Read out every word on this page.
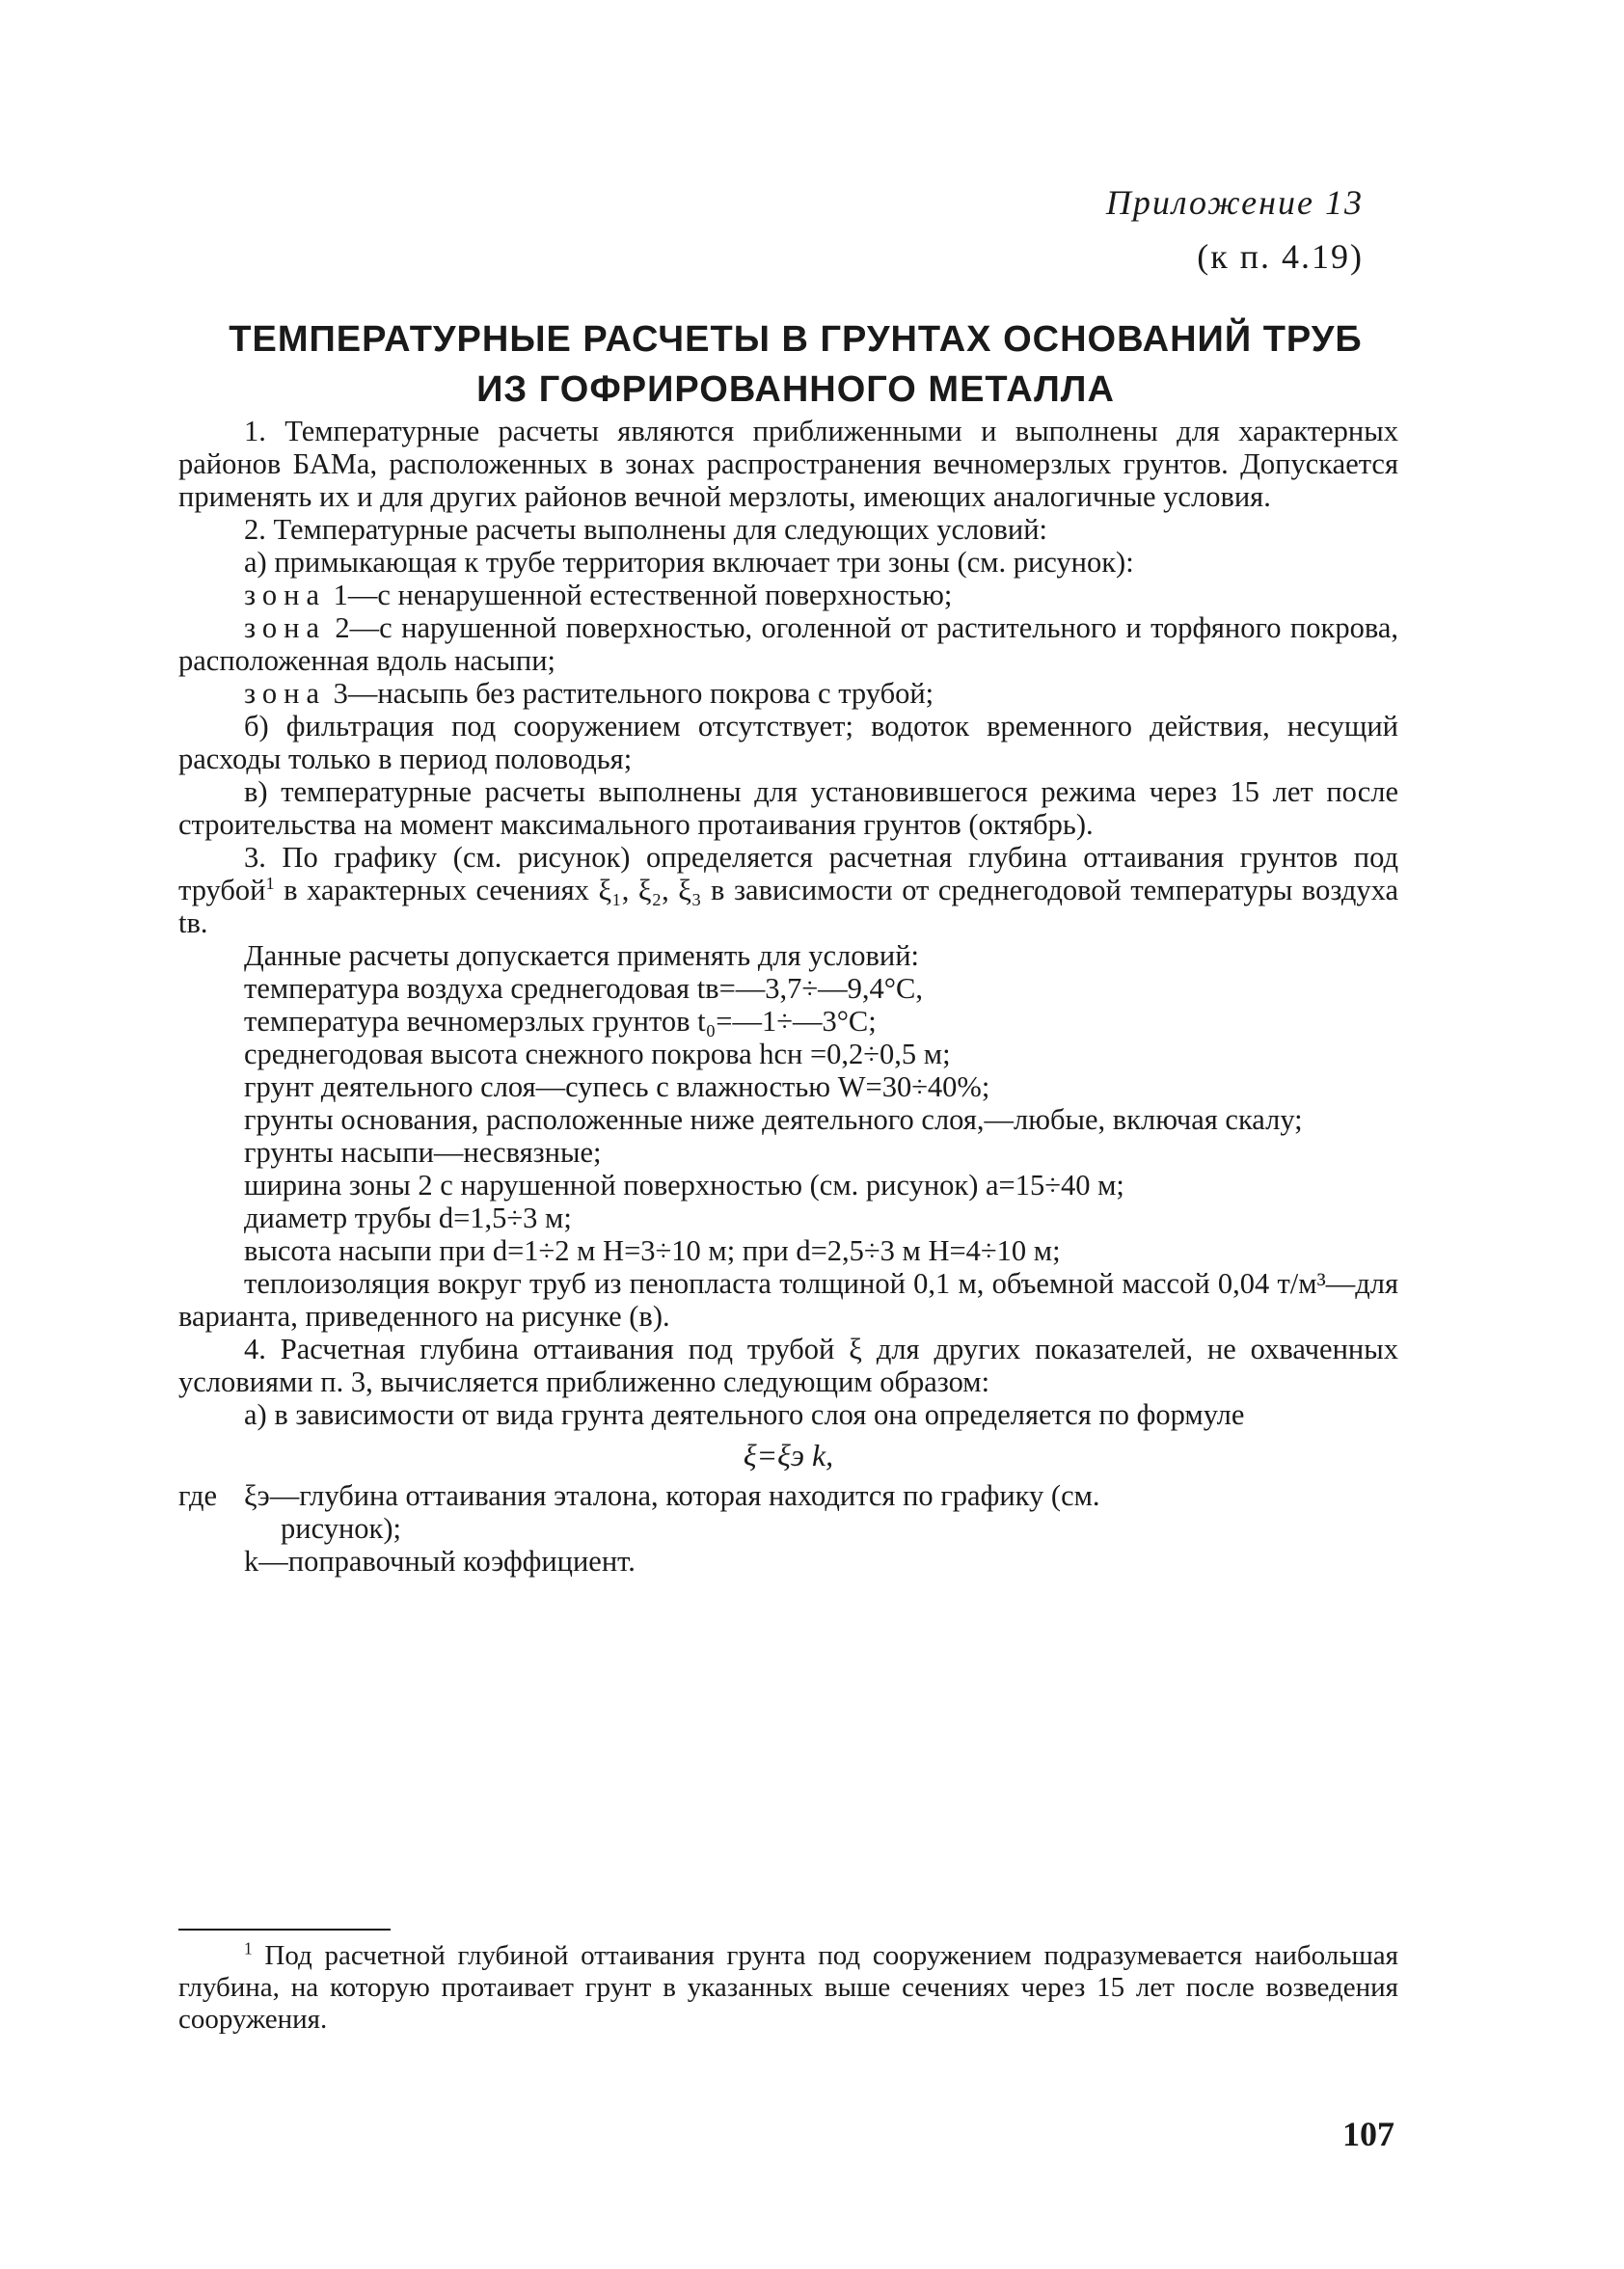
Приложение 13
(к п. 4.19)
ТЕМПЕРАТУРНЫЕ РАСЧЕТЫ В ГРУНТАХ ОСНОВАНИЙ ТРУБ
ИЗ ГОФРИРОВАННОГО МЕТАЛЛА

1. Температурные расчеты являются приближенными и выполнены для характерных районов БАМа, расположенных в зонах распространения вечномерзлых грунтов. Допускается применять их и для других районов вечной мерзлоты, имеющих аналогичные условия.

2. Температурные расчеты выполнены для следующих условий:

а) примыкающая к трубе территория включает три зоны (см. рисунок):

зона 1—с ненарушенной естественной поверхностью;

зона 2—с нарушенной поверхностью, оголенной от растительного и торфяного покрова, расположенная вдоль насыпи;

зона 3—насыпь без растительного покрова с трубой;

б) фильтрация под сооружением отсутствует; водоток временного действия, несущий расходы только в период половодья;

в) температурные расчеты выполнены для установившегося режима через 15 лет после строительства на момент максимального протаивания грунтов (октябрь).

3. По графику (см. рисунок) определяется расчетная глубина оттаивания грунтов под трубой$^1$ в характерных сечениях ξ₁, ξ₂, ξ₃ в зависимости от среднегодовой температуры воздуха tв.

Данные расчеты допускается применять для условий:

температура воздуха среднегодовая tв=—3,7÷—9,4°C,

температура вечномерзлых грунтов t₀=—1÷—3°C;

среднегодовая высота снежного покрова hсн =0,2÷0,5 м;

грунт деятельного слоя—супесь с влажностью W=30÷40%;

грунты основания, расположенные ниже деятельного слоя,—любые, включая скалу;

грунты насыпи—несвязные;

ширина зоны 2 с нарушенной поверхностью (см. рисунок) a=15÷40 м;

диаметр трубы d=1,5÷3 м;

высота насыпи при d=1÷2 м H=3÷10 м; при d=2,5÷3 м H=4÷10 м;

теплоизоляция вокруг труб из пенопласта толщиной 0,1 м, объемной массой 0,04 т/м³—для варианта, приведенного на рисунке (в).

4. Расчетная глубина оттаивания под трубой ξ для других показателей, не охваченных условиями п. 3, вычисляется приближенно следующим образом:

а) в зависимости от вида грунта деятельного слоя она определяется по формуле

ξ=ξэ k,
где ξэ—глубина оттаивания эталона, которая находится по графику (см.
рисунок);
k—поправочный коэффициент.

$^1$ Под расчетной глубиной оттаивания грунта под сооружением подразумевается наибольшая глубина, на которую протаивает грунт в указанных выше сечениях через 15 лет после возведения сооружения.

107
